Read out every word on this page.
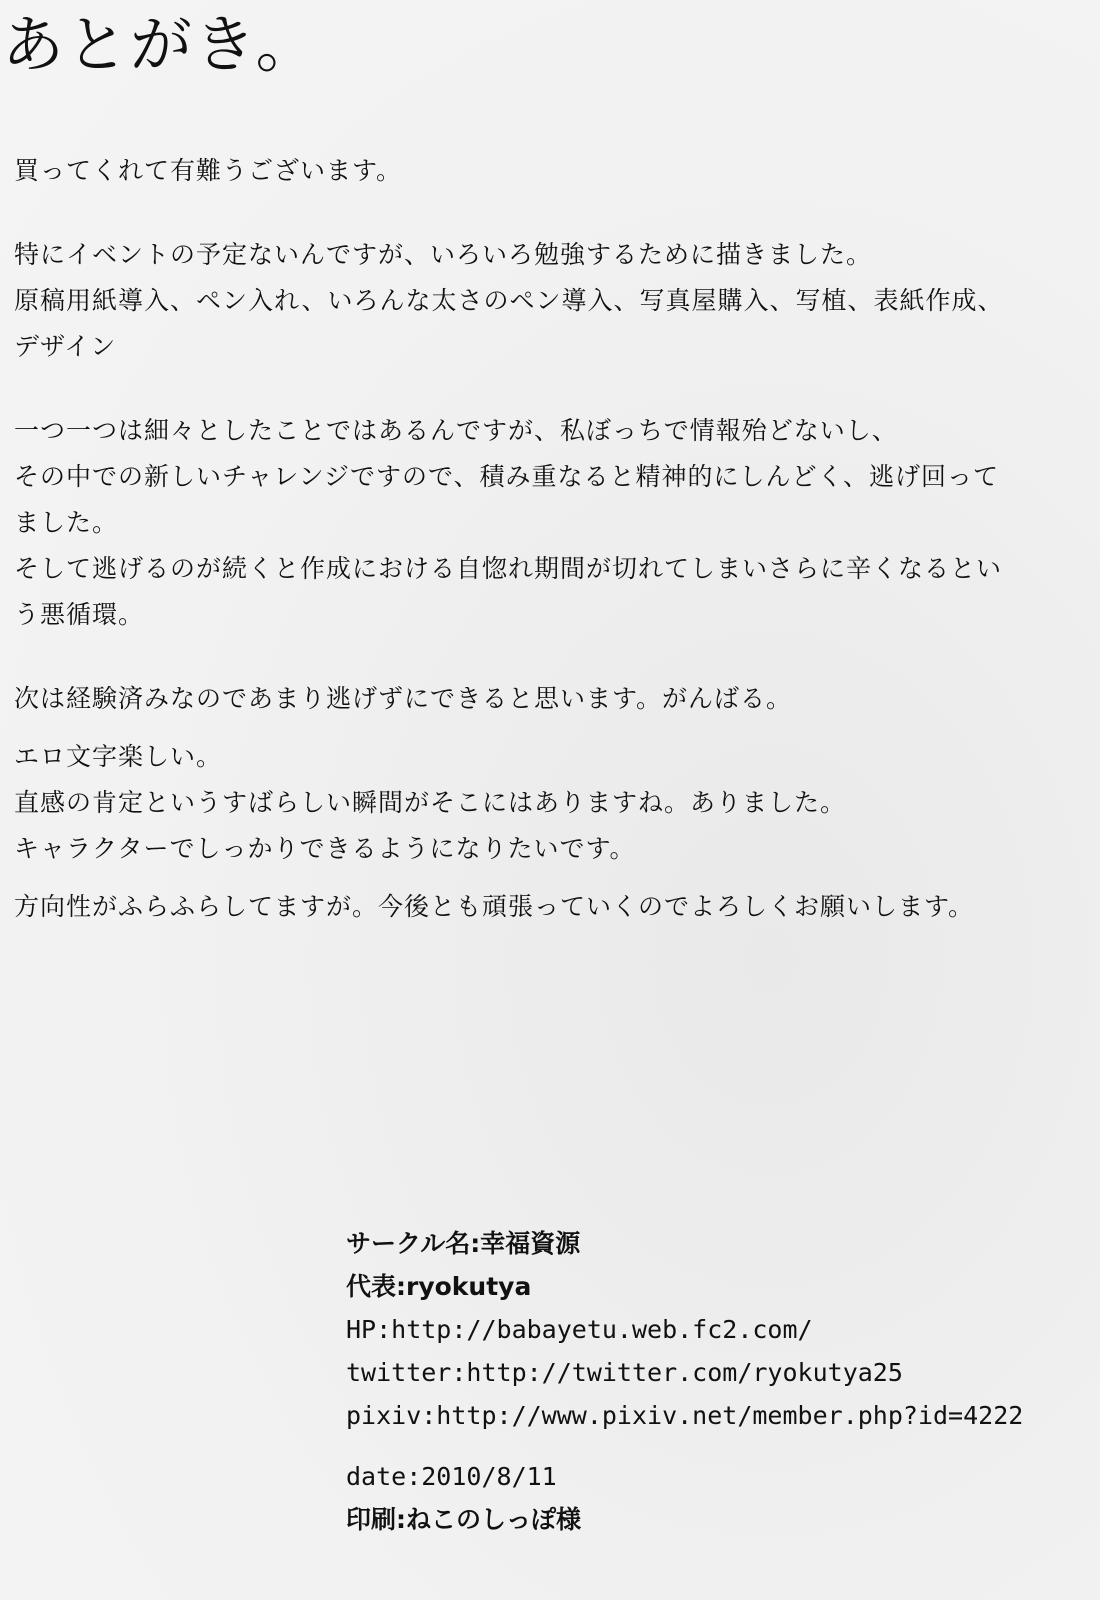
あとがき。
買ってくれて有難うございます。
特にイベントの予定ないんですが、いろいろ勉強するために描きました。
原稿用紙導入、ペン入れ、いろんな太さのペン導入、写真屋購入、写植、表紙作成、
デザイン
一つ一つは細々としたことではあるんですが、私ぼっちで情報殆どないし、
その中での新しいチャレンジですので、積み重なると精神的にしんどく、逃げ回って
ました。
そして逃げるのが続くと作成における自惚れ期間が切れてしまいさらに辛くなるとい
う悪循環。
次は経験済みなのであまり逃げずにできると思います。がんばる。
エロ文字楽しい。
直感の肯定というすばらしい瞬間がそこにはありますね。ありました。
キャラクターでしっかりできるようになりたいです。
方向性がふらふらしてますが。今後とも頑張っていくのでよろしくお願いします。
サークル名:幸福資源
代表:ryokutya
HP:http://babayetu.web.fc2.com/
twitter:http://twitter.com/ryokutya25
pixiv:http://www.pixiv.net/member.php?id=4222
date:2010/8/11
印刷:ねこのしっぽ様
